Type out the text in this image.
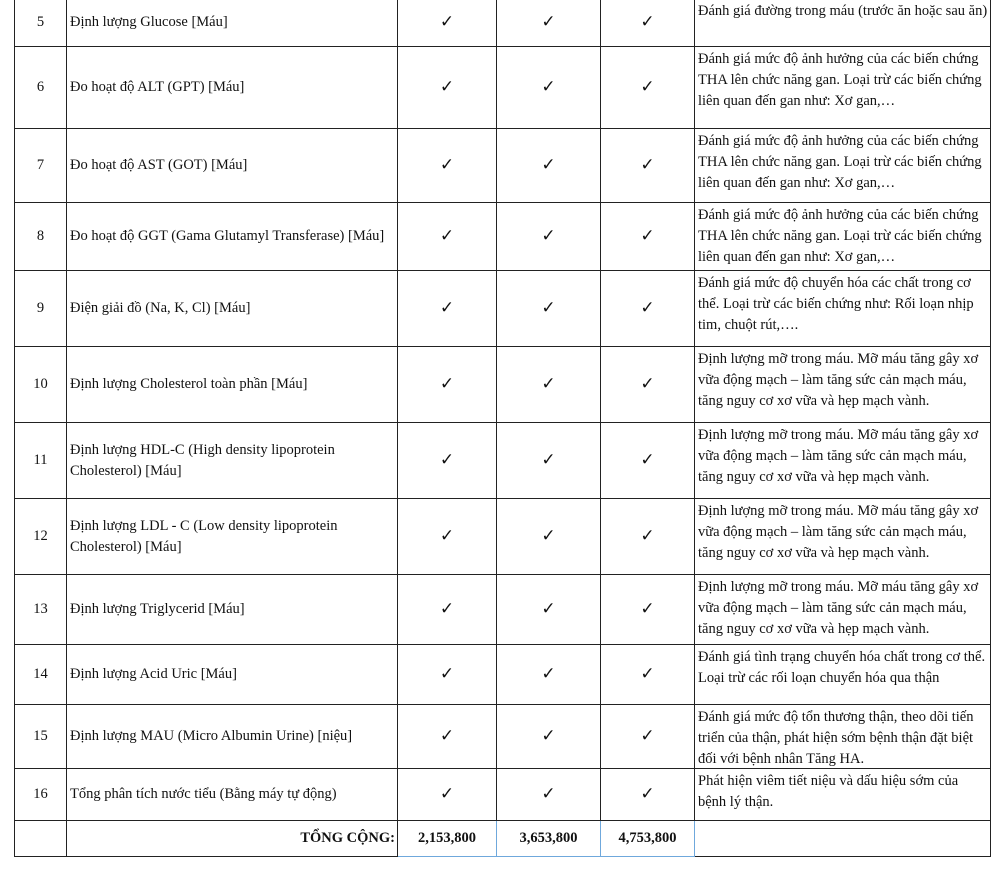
5	Định lượng Glucose [Máu]	✓	✓	✓	Đánh giá đường trong máu (trước ăn hoặc sau ăn)

6	Đo hoạt độ ALT (GPT) [Máu]	✓	✓	✓	Đánh giá mức độ ảnh hưởng của các biến chứng THA lên chức năng gan. Loại trừ các biến chứng liên quan đến gan như: Xơ gan,…

7	Đo hoạt độ AST (GOT) [Máu]	✓	✓	✓	Đánh giá mức độ ảnh hưởng của các biến chứng THA lên chức năng gan. Loại trừ các biến chứng liên quan đến gan như: Xơ gan,…

8	Đo hoạt độ GGT (Gama Glutamyl Transferase) [Máu]	✓	✓	✓	Đánh giá mức độ ảnh hưởng của các biến chứng THA lên chức năng gan. Loại trừ các biến chứng liên quan đến gan như: Xơ gan,…

9	Điện giải đồ (Na, K, Cl) [Máu]	✓	✓	✓	Đánh giá mức độ chuyển hóa các chất trong cơ thể. Loại trừ các biến chứng như: Rối loạn nhịp tim, chuột rút,….

10	Định lượng Cholesterol toàn phần [Máu]	✓	✓	✓	Định lượng mỡ trong máu. Mỡ máu tăng gây xơ vữa động mạch – làm tăng sức cản mạch máu, tăng nguy cơ xơ vữa và hẹp mạch vành.

11	Định lượng HDL-C (High density lipoprotein Cholesterol) [Máu]	✓	✓	✓	Định lượng mỡ trong máu. Mỡ máu tăng gây xơ vữa động mạch – làm tăng sức cản mạch máu, tăng nguy cơ xơ vữa và hẹp mạch vành.

12	Định lượng LDL - C (Low density lipoprotein Cholesterol) [Máu]	✓	✓	✓	Định lượng mỡ trong máu. Mỡ máu tăng gây xơ vữa động mạch – làm tăng sức cản mạch máu, tăng nguy cơ xơ vữa và hẹp mạch vành.

13	Định lượng Triglycerid [Máu]	✓	✓	✓	Định lượng mỡ trong máu. Mỡ máu tăng gây xơ vữa động mạch – làm tăng sức cản mạch máu, tăng nguy cơ xơ vữa và hẹp mạch vành.

14	Định lượng Acid Uric [Máu]	✓	✓	✓	Đánh giá tình trạng chuyển hóa chất trong cơ thể. Loại trừ các rối loạn chuyển hóa qua thận

15	Định lượng MAU (Micro Albumin Urine) [niệu]	✓	✓	✓	Đánh giá mức độ tổn thương thận, theo dõi tiến triển của thận, phát hiện sớm bệnh thận đặt biệt đối với bệnh nhân Tăng HA.

16	Tổng phân tích nước tiểu (Bằng máy tự động)	✓	✓	✓	Phát hiện viêm tiết niệu và dấu hiệu sớm của bệnh lý thận.

	TỔNG CỘNG:	2,153,800	3,653,800	4,753,800	
